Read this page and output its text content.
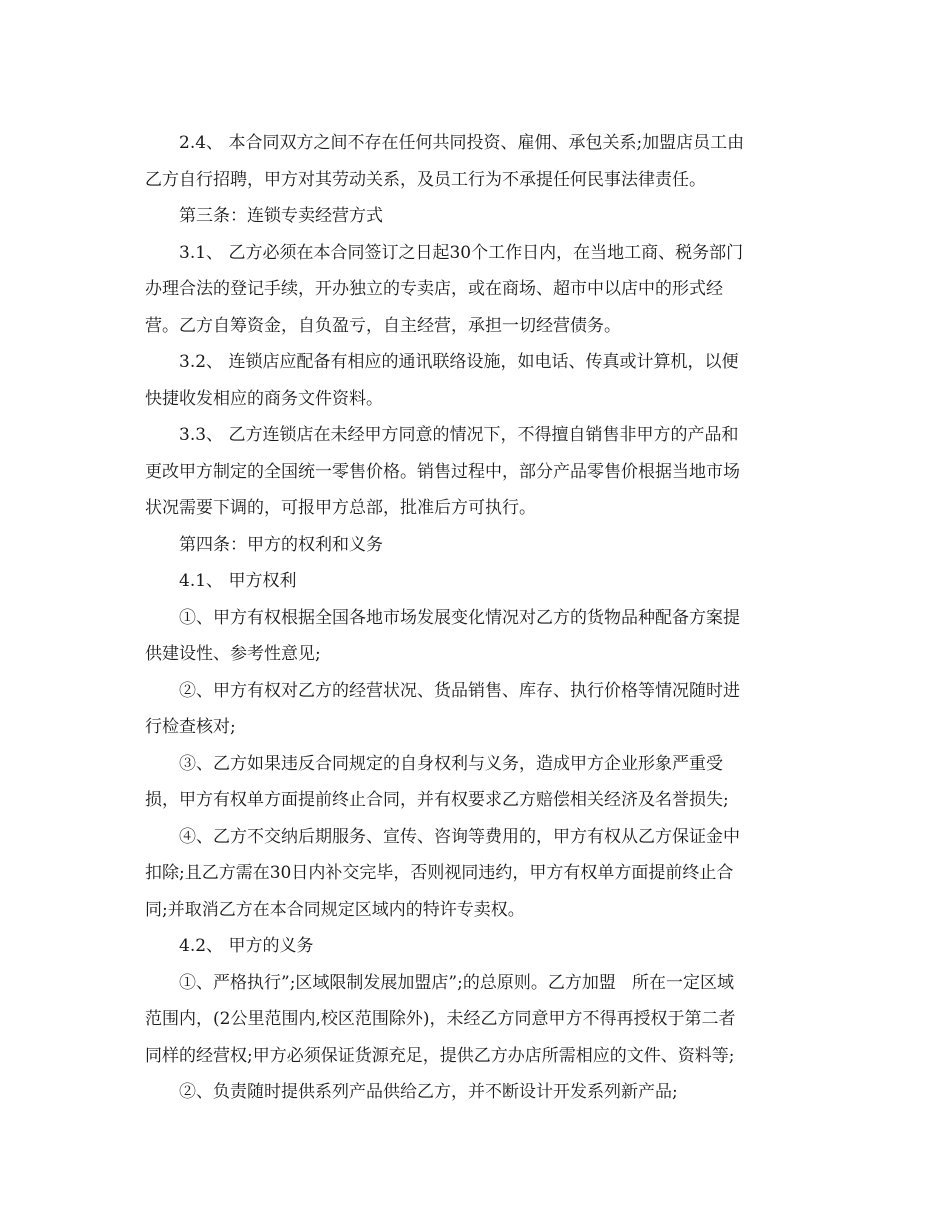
2.4、 本合同双方之间不存在任何共同投资、雇佣、承包关系;加盟店员工由
乙方自行招聘，甲方对其劳动关系，及员工行为不承提任何民事法律责任。
第三条：连锁专卖经营方式
3.1、 乙方必须在本合同签订之日起30个工作日内，在当地工商、税务部门
办理合法的登记手续，开办独立的专卖店，或在商场、超市中以店中的形式经
营。乙方自筹资金，自负盈亏，自主经营，承担一切经营债务。
3.2、 连锁店应配备有相应的通讯联络设施，如电话、传真或计算机，以便
快捷收发相应的商务文件资料。
3.3、 乙方连锁店在未经甲方同意的情况下，不得擅自销售非甲方的产品和
更改甲方制定的全国统一零售价格。销售过程中，部分产品零售价根据当地市场
状况需要下调的，可报甲方总部，批准后方可执行。
第四条：甲方的权利和义务
4.1、 甲方权利
①、甲方有权根据全国各地市场发展变化情况对乙方的货物品种配备方案提
供建设性、参考性意见;
②、甲方有权对乙方的经营状况、货品销售、库存、执行价格等情况随时进
行检查核对;
③、乙方如果违反合同规定的自身权利与义务，造成甲方企业形象严重受
损，甲方有权单方面提前终止合同，并有权要求乙方赔偿相关经济及名誉损失;
④、乙方不交纳后期服务、宣传、咨询等费用的，甲方有权从乙方保证金中
扣除;且乙方需在30日内补交完毕，否则视同违约，甲方有权单方面提前终止合
同;并取消乙方在本合同规定区域内的特许专卖权。
4.2、 甲方的义务
①、严格执行”;区域限制发展加盟店”;的总原则。乙方加盟   所在一定区域
范围内，(2公里范围内,校区范围除外)，未经乙方同意甲方不得再授权于第二者
同样的经营权;甲方必须保证货源充足，提供乙方办店所需相应的文件、资料等;
②、负责随时提供系列产品供给乙方，并不断设计开发系列新产品;
